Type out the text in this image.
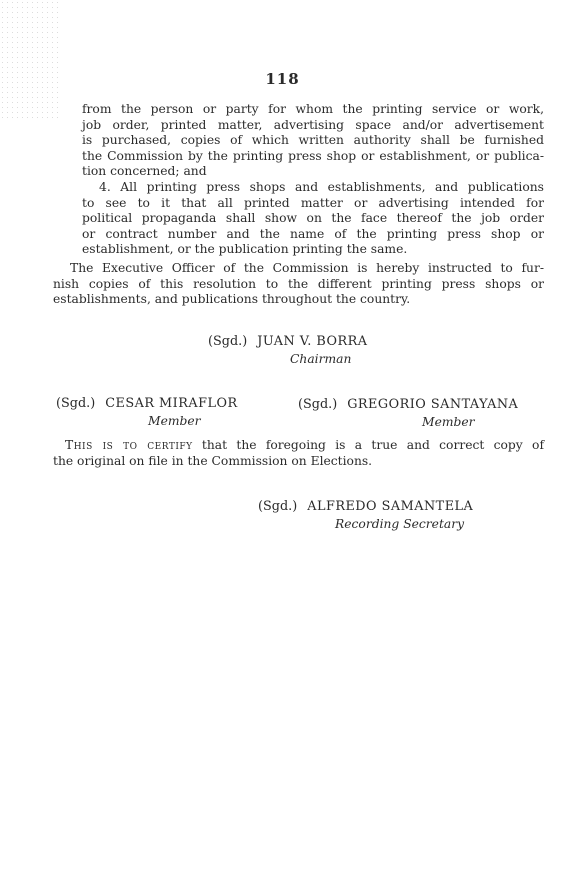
118
from the person or party for whom the printing service or work,
job order, printed matter, advertising space and/or advertisement
is purchased, copies of which written authority shall be furnished
the Commission by the printing press shop or establishment, or publica-
tion concerned; and
4. All printing press shops and establishments, and publications
to see to it that all printed matter or advertising intended for
political propaganda shall show on the face thereof the job order
or contract number and the name of the printing press shop or
establishment, or the publication printing the same.
The Executive Officer of the Commission is hereby instructed to fur-
nish copies of this resolution to the different printing press shops or
establishments, and publications throughout the country.
(Sgd.) JUAN V. BORRA
Chairman
(Sgd.) CESAR MIRAFLOR
Member
(Sgd.) GREGORIO SANTAYANA
Member
This is to certify that the foregoing is a true and correct copy of
the original on file in the Commission on Elections.
(Sgd.) ALFREDO SAMANTELA
Recording Secretary
